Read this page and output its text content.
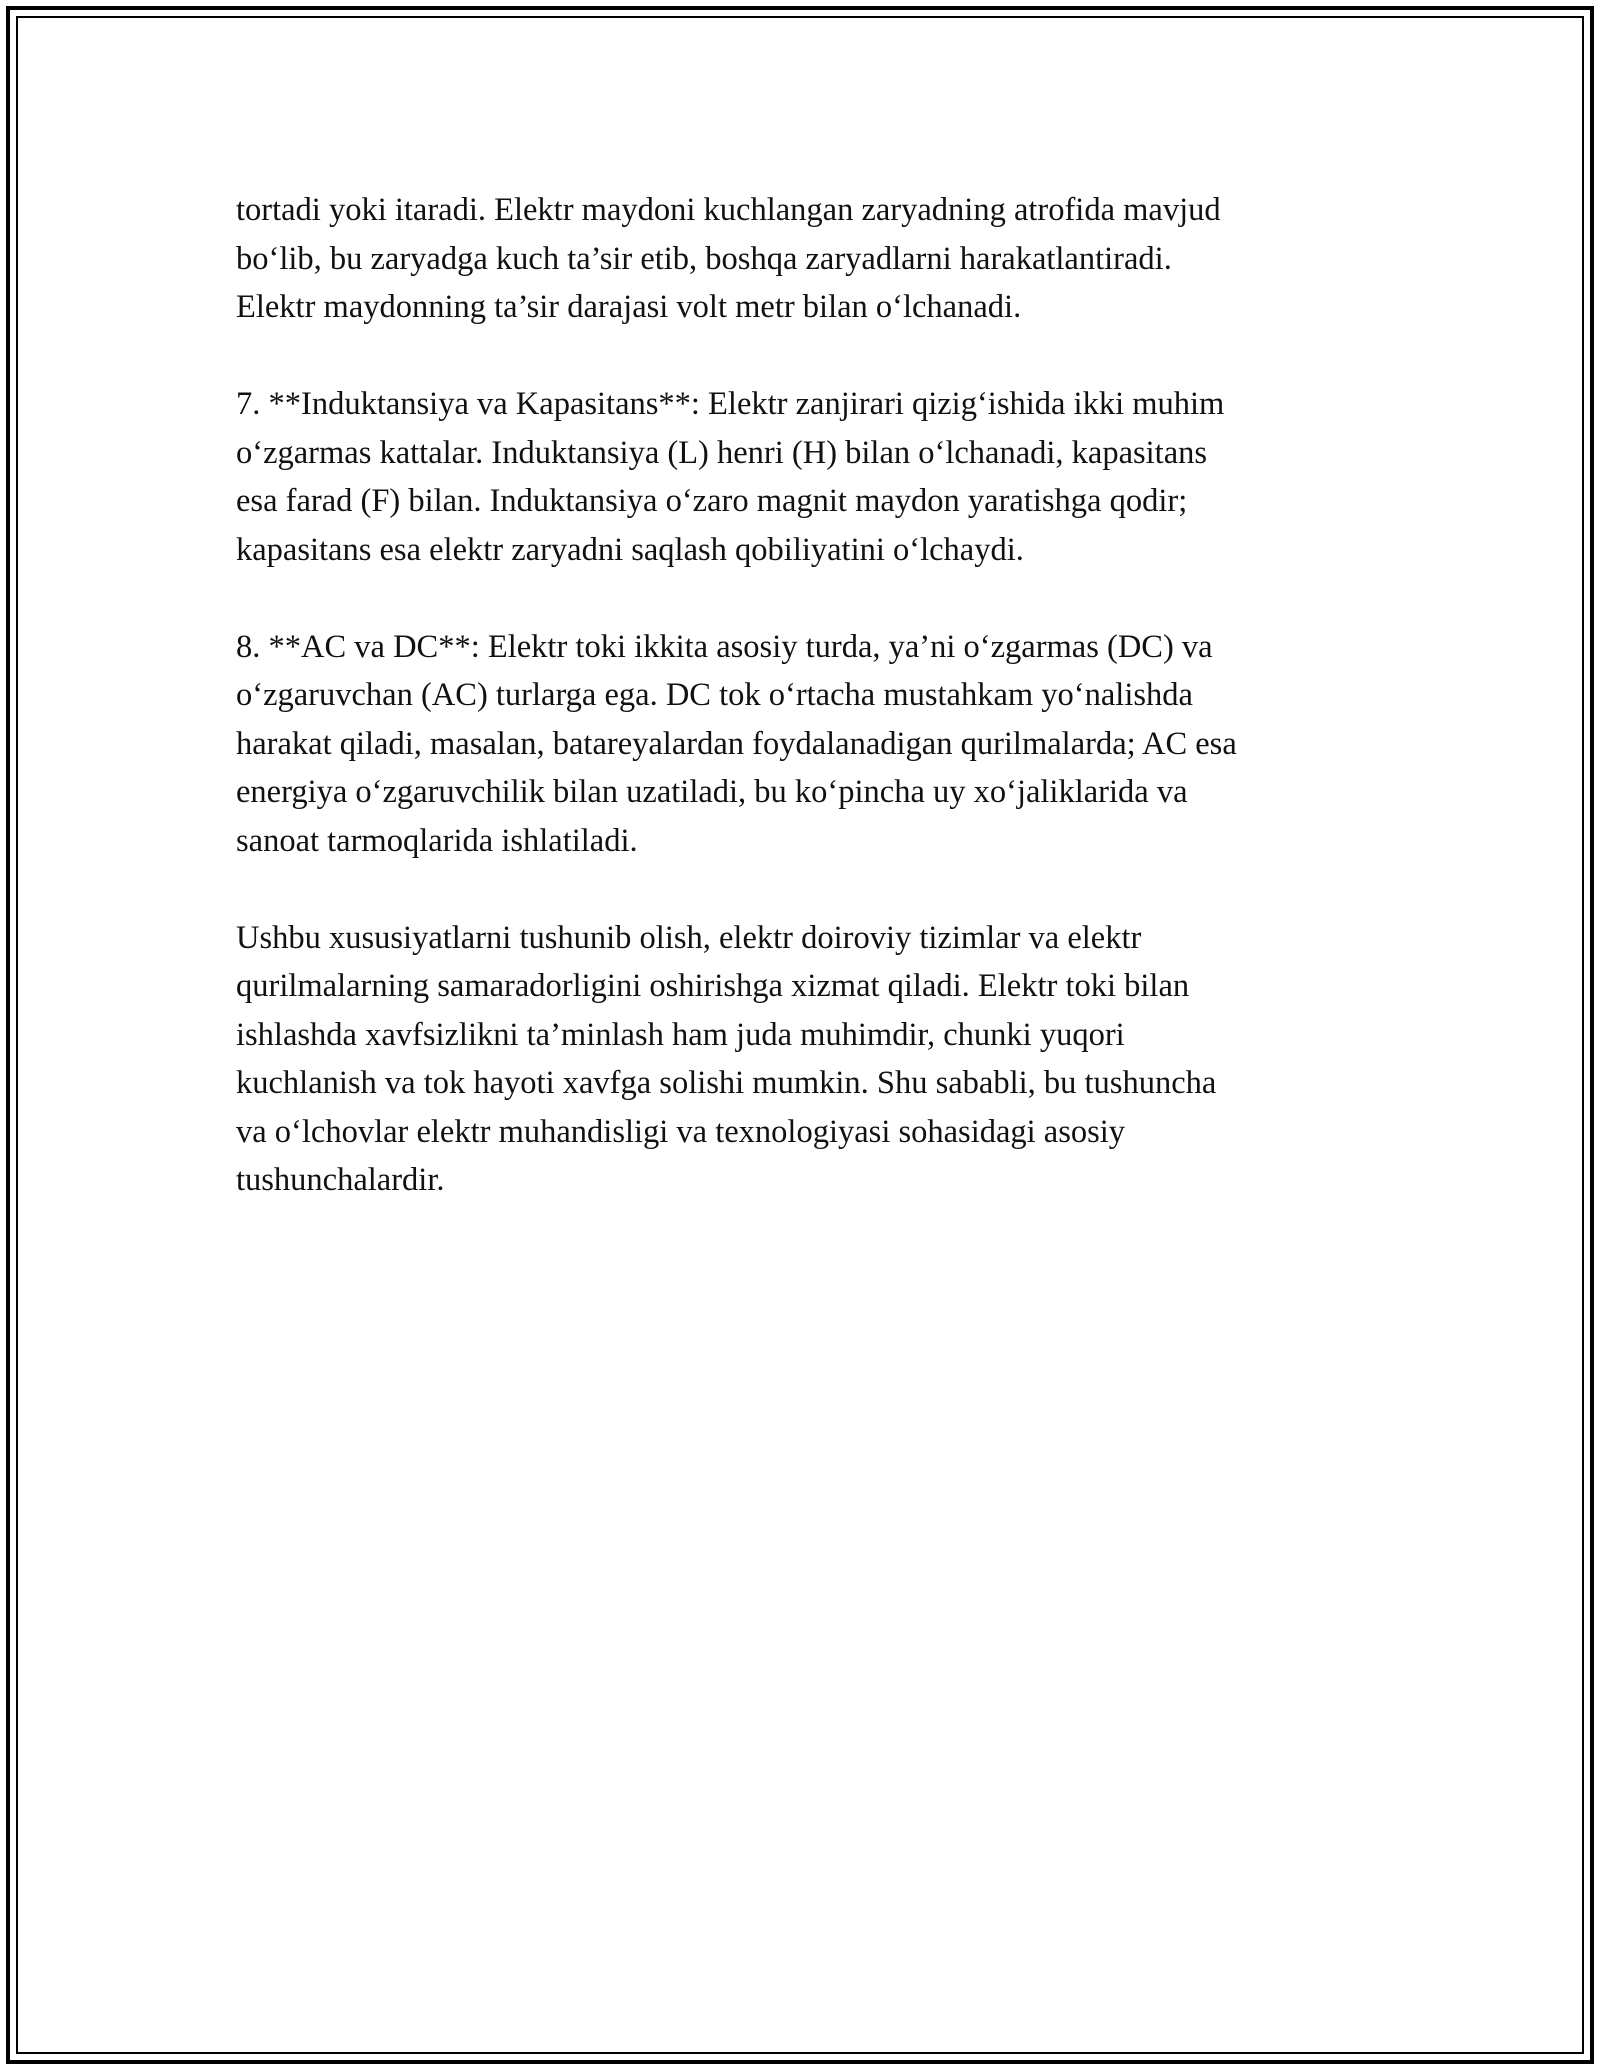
tortadi yoki itaradi. Elektr maydoni kuchlangan zaryadning atrofida mavjud
bo‘lib, bu zaryadga kuch ta’sir etib, boshqa zaryadlarni harakatlantiradi.
Elektr maydonning ta’sir darajasi volt metr bilan o‘lchanadi.

7. **Induktansiya va Kapasitans**: Elektr zanjirari qizig‘ishida ikki muhim
o‘zgarmas kattalar. Induktansiya (L) henri (H) bilan o‘lchanadi, kapasitans
esa farad (F) bilan. Induktansiya o‘zaro magnit maydon yaratishga qodir;
kapasitans esa elektr zaryadni saqlash qobiliyatini o‘lchaydi.

8. **AC va DC**: Elektr toki ikkita asosiy turda, ya’ni o‘zgarmas (DC) va
o‘zgaruvchan (AC) turlarga ega. DC tok o‘rtacha mustahkam yo‘nalishda
harakat qiladi, masalan, batareyalardan foydalanadigan qurilmalarda; AC esa
energiya o‘zgaruvchilik bilan uzatiladi, bu ko‘pincha uy xo‘jaliklarida va
sanoat tarmoqlarida ishlatiladi.

Ushbu xususiyatlarni tushunib olish, elektr doiroviy tizimlar va elektr
qurilmalarning samaradorligini oshirishga xizmat qiladi. Elektr toki bilan
ishlashda xavfsizlikni ta’minlash ham juda muhimdir, chunki yuqori
kuchlanish va tok hayoti xavfga solishi mumkin. Shu sababli, bu tushuncha
va o‘lchovlar elektr muhandisligi va texnologiyasi sohasidagi asosiy
tushunchalardir.
